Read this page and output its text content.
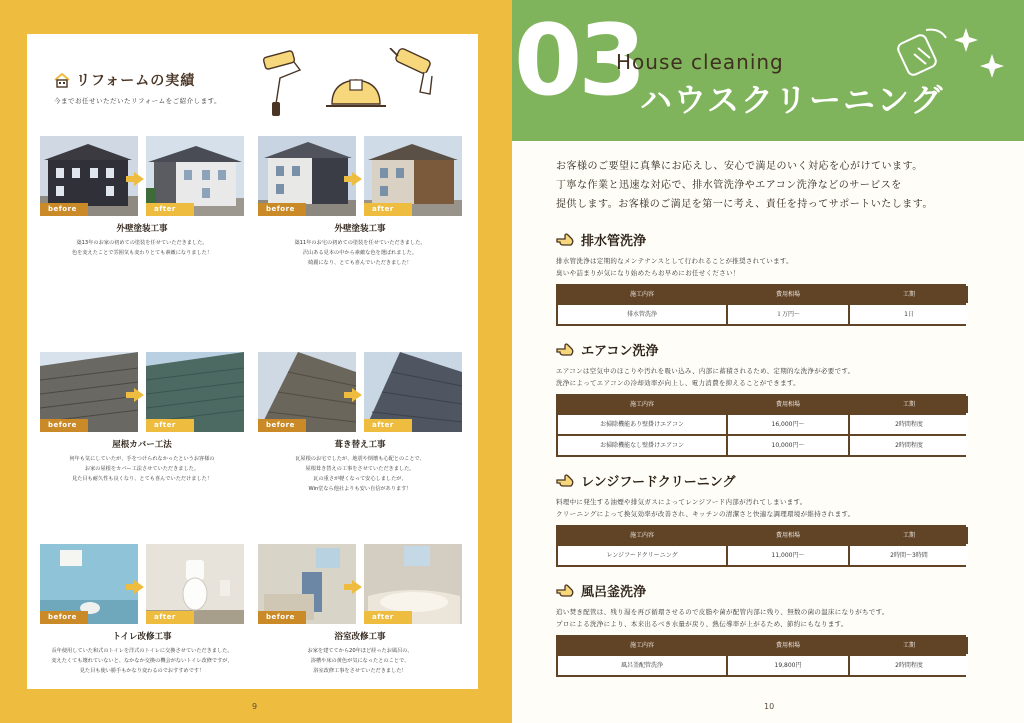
リフォームの実績
今までお任せいただいたリフォームをご紹介します。
before	after
外壁塗装工事
築13年のお家の初めての塗装を任せていただきました。
色を変えたことで雰囲気も変わりとても素敵になりました！
before	after
外壁塗装工事
築11年のお宅の初めての塗装を任せていただきました。
沢山ある見本の中から素敵な色を選ばれました。
綺麗になり、とても喜んでいただきました！
before	after
屋根カバー工法
何年も気にしていたが、手をつけられなかったというお客様の
お家の屋根をカバー工法させていただきました。
見た目も耐久性も良くなり、とても喜んでいただけました！
before	after
葺き替え工事
瓦屋根のお宅でしたが、地震や倒壊も心配とのことで、
屋根葺き替えの工事をさせていただきました。
瓦の重さが軽くなって安心しましたが、
Win堂なら他社よりも安い自信があります！
before	after
トイレ改修工事
長年使用していた和式のトイレを洋式のトイレに交換させていただきました。
変えたくても壊れていないと、なかなか交換の機会がないトイレ改修ですが、
見た目も使い勝手もかなり変わるのでおすすめです！
before	after
浴室改修工事
お家を建ててから20年ほど経ったお風呂の、
浴槽や床の黄色が気になったとのことで、
浴室改修工事をさせていただきました！
9
03
House cleaning
ハウスクリーニング
お客様のご要望に真摯にお応えし、安心で満足のいく対応を心がけています。
丁寧な作業と迅速な対応で、排水管洗浄やエアコン洗浄などのサービスを
提供します。お客様のご満足を第一に考え、責任を持ってサポートいたします。
排水管洗浄
排水管洗浄は定期的なメンテナンスとして行われることが推奨されています。
臭いや詰まりが気になり始めたらお早めにお任せください！
施工内容	費用相場	工期
排水管洗浄	１万円〜	1日
エアコン洗浄
エアコンは空気中のほこりや汚れを吸い込み、内部に蓄積されるため、定期的な洗浄が必要です。
洗浄によってエアコンの冷却効率が向上し、電力消費を抑えることができます。
施工内容	費用相場	工期
お掃除機能あり壁掛けエアコン	16,000円〜	2時間程度
お掃除機能なし壁掛けエアコン	10,000円〜	2時間程度
レンジフードクリーニング
料理中に発生する油煙や排気ガスによってレンジフード内部が汚れてしまいます。
クリーニングによって換気効率が改善され、キッチンの清潔さと快適な調理環境が維持されます。
施工内容	費用相場	工期
レンジフードクリーニング	11,000円〜	2時間〜3時間
風呂釜洗浄
追い焚き配管は、残り湯を再び循環させるので皮脂や菌が配管内部に残り、無数の菌の温床になりがちです。
プロによる洗浄により、本来出るべき水量が戻り、熱伝導率が上がるため、節約にもなります。
施工内容	費用相場	工期
風呂釜配管洗浄	19,800円	2時間程度
10
